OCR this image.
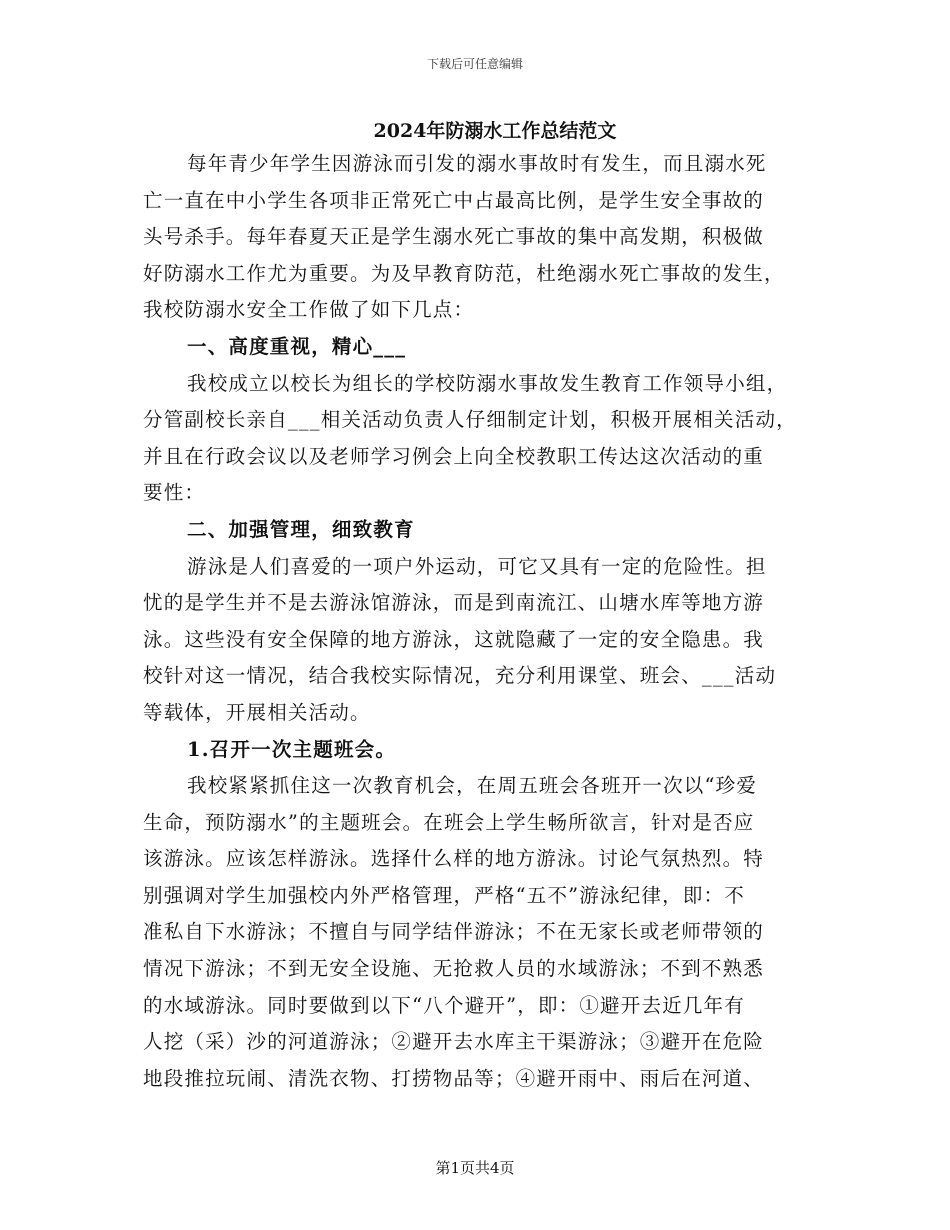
下载后可任意编辑
2024年防溺水工作总结范文
每年青少年学生因游泳而引发的溺水事故时有发生，而且溺水死
亡一直在中小学生各项非正常死亡中占最高比例，是学生安全事故的
头号杀手。每年春夏天正是学生溺水死亡事故的集中高发期，积极做
好防溺水工作尤为重要。为及早教育防范，杜绝溺水死亡事故的发生，
我校防溺水安全工作做了如下几点：
一、高度重视，精心___
我校成立以校长为组长的学校防溺水事故发生教育工作领导小组，
分管副校长亲自___相关活动负责人仔细制定计划，积极开展相关活动，
并且在行政会议以及老师学习例会上向全校教职工传达这次活动的重
要性：
二、加强管理，细致教育
游泳是人们喜爱的一项户外运动，可它又具有一定的危险性。担
忧的是学生并不是去游泳馆游泳，而是到南流江、山塘水库等地方游
泳。这些没有安全保障的地方游泳，这就隐藏了一定的安全隐患。我
校针对这一情况，结合我校实际情况，充分利用课堂、班会、___活动
等载体，开展相关活动。
1.召开一次主题班会。
我校紧紧抓住这一次教育机会，在周五班会各班开一次以“珍爱
生命，预防溺水”的主题班会。在班会上学生畅所欲言，针对是否应
该游泳。应该怎样游泳。选择什么样的地方游泳。讨论气氛热烈。特
别强调对学生加强校内外严格管理，严格“五不”游泳纪律，即：不
准私自下水游泳；不擅自与同学结伴游泳；不在无家长或老师带领的
情况下游泳；不到无安全设施、无抢救人员的水域游泳；不到不熟悉
的水域游泳。同时要做到以下“八个避开”，即：①避开去近几年有
人挖（采）沙的河道游泳；②避开去水库主干渠游泳；③避开在危险
地段推拉玩闹、清洗衣物、打捞物品等；④避开雨中、雨后在河道、
第1页共4页
